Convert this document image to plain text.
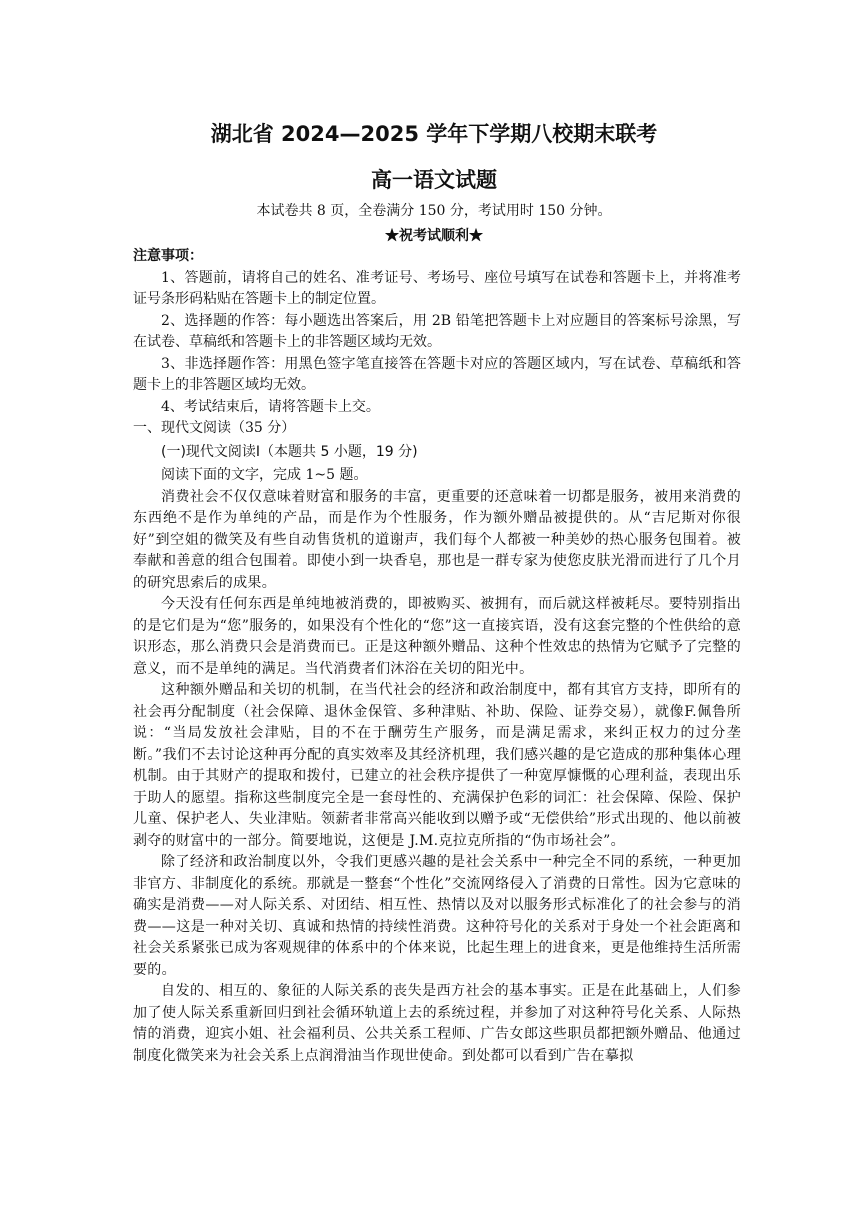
湖北省 2024—2025 学年下学期八校期末联考
高一语文试题
本试卷共 8 页，全卷满分 150 分，考试用时 150 分钟。
★祝考试顺利★

注意事项：

1、答题前，请将自己的姓名、准考证号、考场号、座位号填写在试卷和答题卡上，并将准考证号条形码粘贴在答题卡上的制定位置。

2、选择题的作答：每小题选出答案后，用 2B 铅笔把答题卡上对应题目的答案标号涂黑，写在试卷、草稿纸和答题卡上的非答题区域均无效。

3、非选择题作答：用黑色签字笔直接答在答题卡对应的答题区域内，写在试卷、草稿纸和答题卡上的非答题区域均无效。

4、考试结束后，请将答题卡上交。

一、现代文阅读（35 分）

(一)现代文阅读Ⅰ（本题共 5 小题，19 分)

阅读下面的文字，完成 1~5 题。

消费社会不仅仅意味着财富和服务的丰富，更重要的还意味着一切都是服务，被用来消费的东西绝不是作为单纯的产品，而是作为个性服务，作为额外赠品被提供的。从“吉尼斯对你很好”到空姐的微笑及有些自动售货机的道谢声，我们每个人都被一种美妙的热心服务包围着。被奉献和善意的组合包围着。即使小到一块香皂，那也是一群专家为使您皮肤光滑而进行了几个月的研究思索后的成果。

今天没有任何东西是单纯地被消费的，即被购买、被拥有，而后就这样被耗尽。要特别指出的是它们是为“您”服务的，如果没有个性化的“您”这一直接宾语，没有这套完整的个性供给的意识形态，那么消费只会是消费而已。正是这种额外赠品、这种个性效忠的热情为它赋予了完整的意义，而不是单纯的满足。当代消费者们沐浴在关切的阳光中。

这种额外赠品和关切的机制，在当代社会的经济和政治制度中，都有其官方支持，即所有的社会再分配制度（社会保障、退休金保管、多种津贴、补助、保险、证券交易），就像F.佩鲁所说：“当局发放社会津贴，目的不在于酬劳生产服务，而是满足需求，来纠正权力的过分垄断。”我们不去讨论这种再分配的真实效率及其经济机理，我们感兴趣的是它造成的那种集体心理机制。由于其财产的提取和拨付，已建立的社会秩序提供了一种宽厚慷慨的心理利益，表现出乐于助人的愿望。指称这些制度完全是一套母性的、充满保护色彩的词汇：社会保障、保险、保护儿童、保护老人、失业津贴。领薪者非常高兴能收到以赠予或“无偿供给”形式出现的、他以前被剥夺的财富中的一部分。简要地说，这便是 J.M.克拉克所指的“伪市场社会”。

除了经济和政治制度以外，令我们更感兴趣的是社会关系中一种完全不同的系统，一种更加非官方、非制度化的系统。那就是一整套“个性化”交流网络侵入了消费的日常性。因为它意味的确实是消费——对人际关系、对团结、相互性、热情以及对以服务形式标准化了的社会参与的消费——这是一种对关切、真诚和热情的持续性消费。这种符号化的关系对于身处一个社会距离和社会关系紧张已成为客观规律的体系中的个体来说，比起生理上的进食来，更是他维持生活所需要的。

自发的、相互的、象征的人际关系的丧失是西方社会的基本事实。正是在此基础上，人们参加了使人际关系重新回归到社会循环轨道上去的系统过程，并参加了对这种符号化关系、人际热情的消费，迎宾小姐、社会福利员、公共关系工程师、广告女郎这些职员都把额外赠品、他通过制度化微笑来为社会关系上点润滑油当作现世使命。到处都可以看到广告在摹拟
